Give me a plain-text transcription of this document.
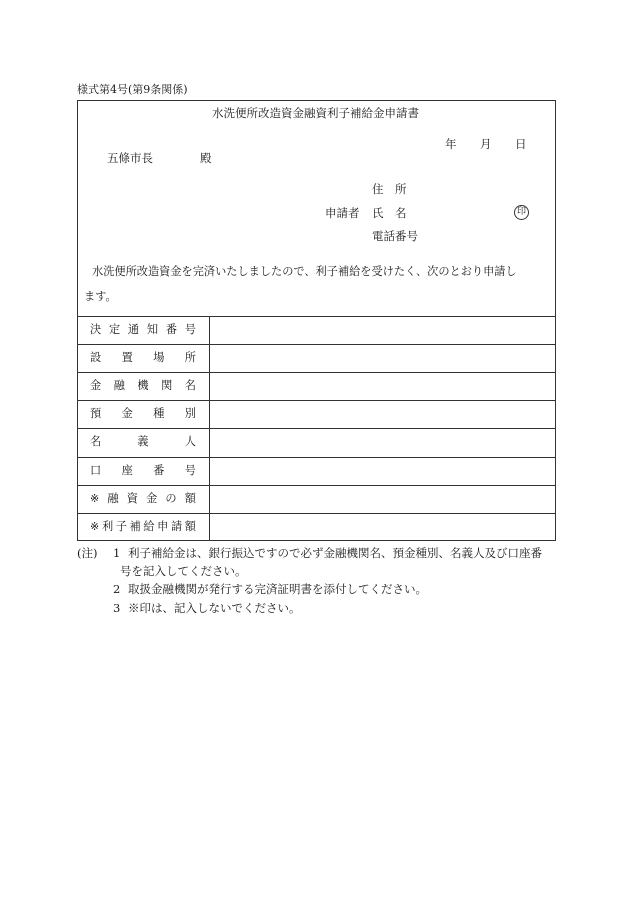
様式第4号(第9条関係)
水洗便所改造資金融資利子補給金申請書
年 月 日
五條市長	殿
住　所
申請者 氏　名	印
電話番号
水洗便所改造資金を完済いたしましたので、利子補給を受けたく、次のとおり申請し
ます。
決 定 通 知 番 号
設 置 場 所
金 融 機 関 名
預 金 種 別
名	義	人
口 座 番 号
※ 融 資 金 の 額
※ 利 子 補 給 申 請 額
(注) 1 利子補給金は、銀行振込ですので必ず金融機関名、預金種別、名義人及び口座番
号を記入してください。
2 取扱金融機関が発行する完済証明書を添付してください。
3 ※印は、記入しないでください。
